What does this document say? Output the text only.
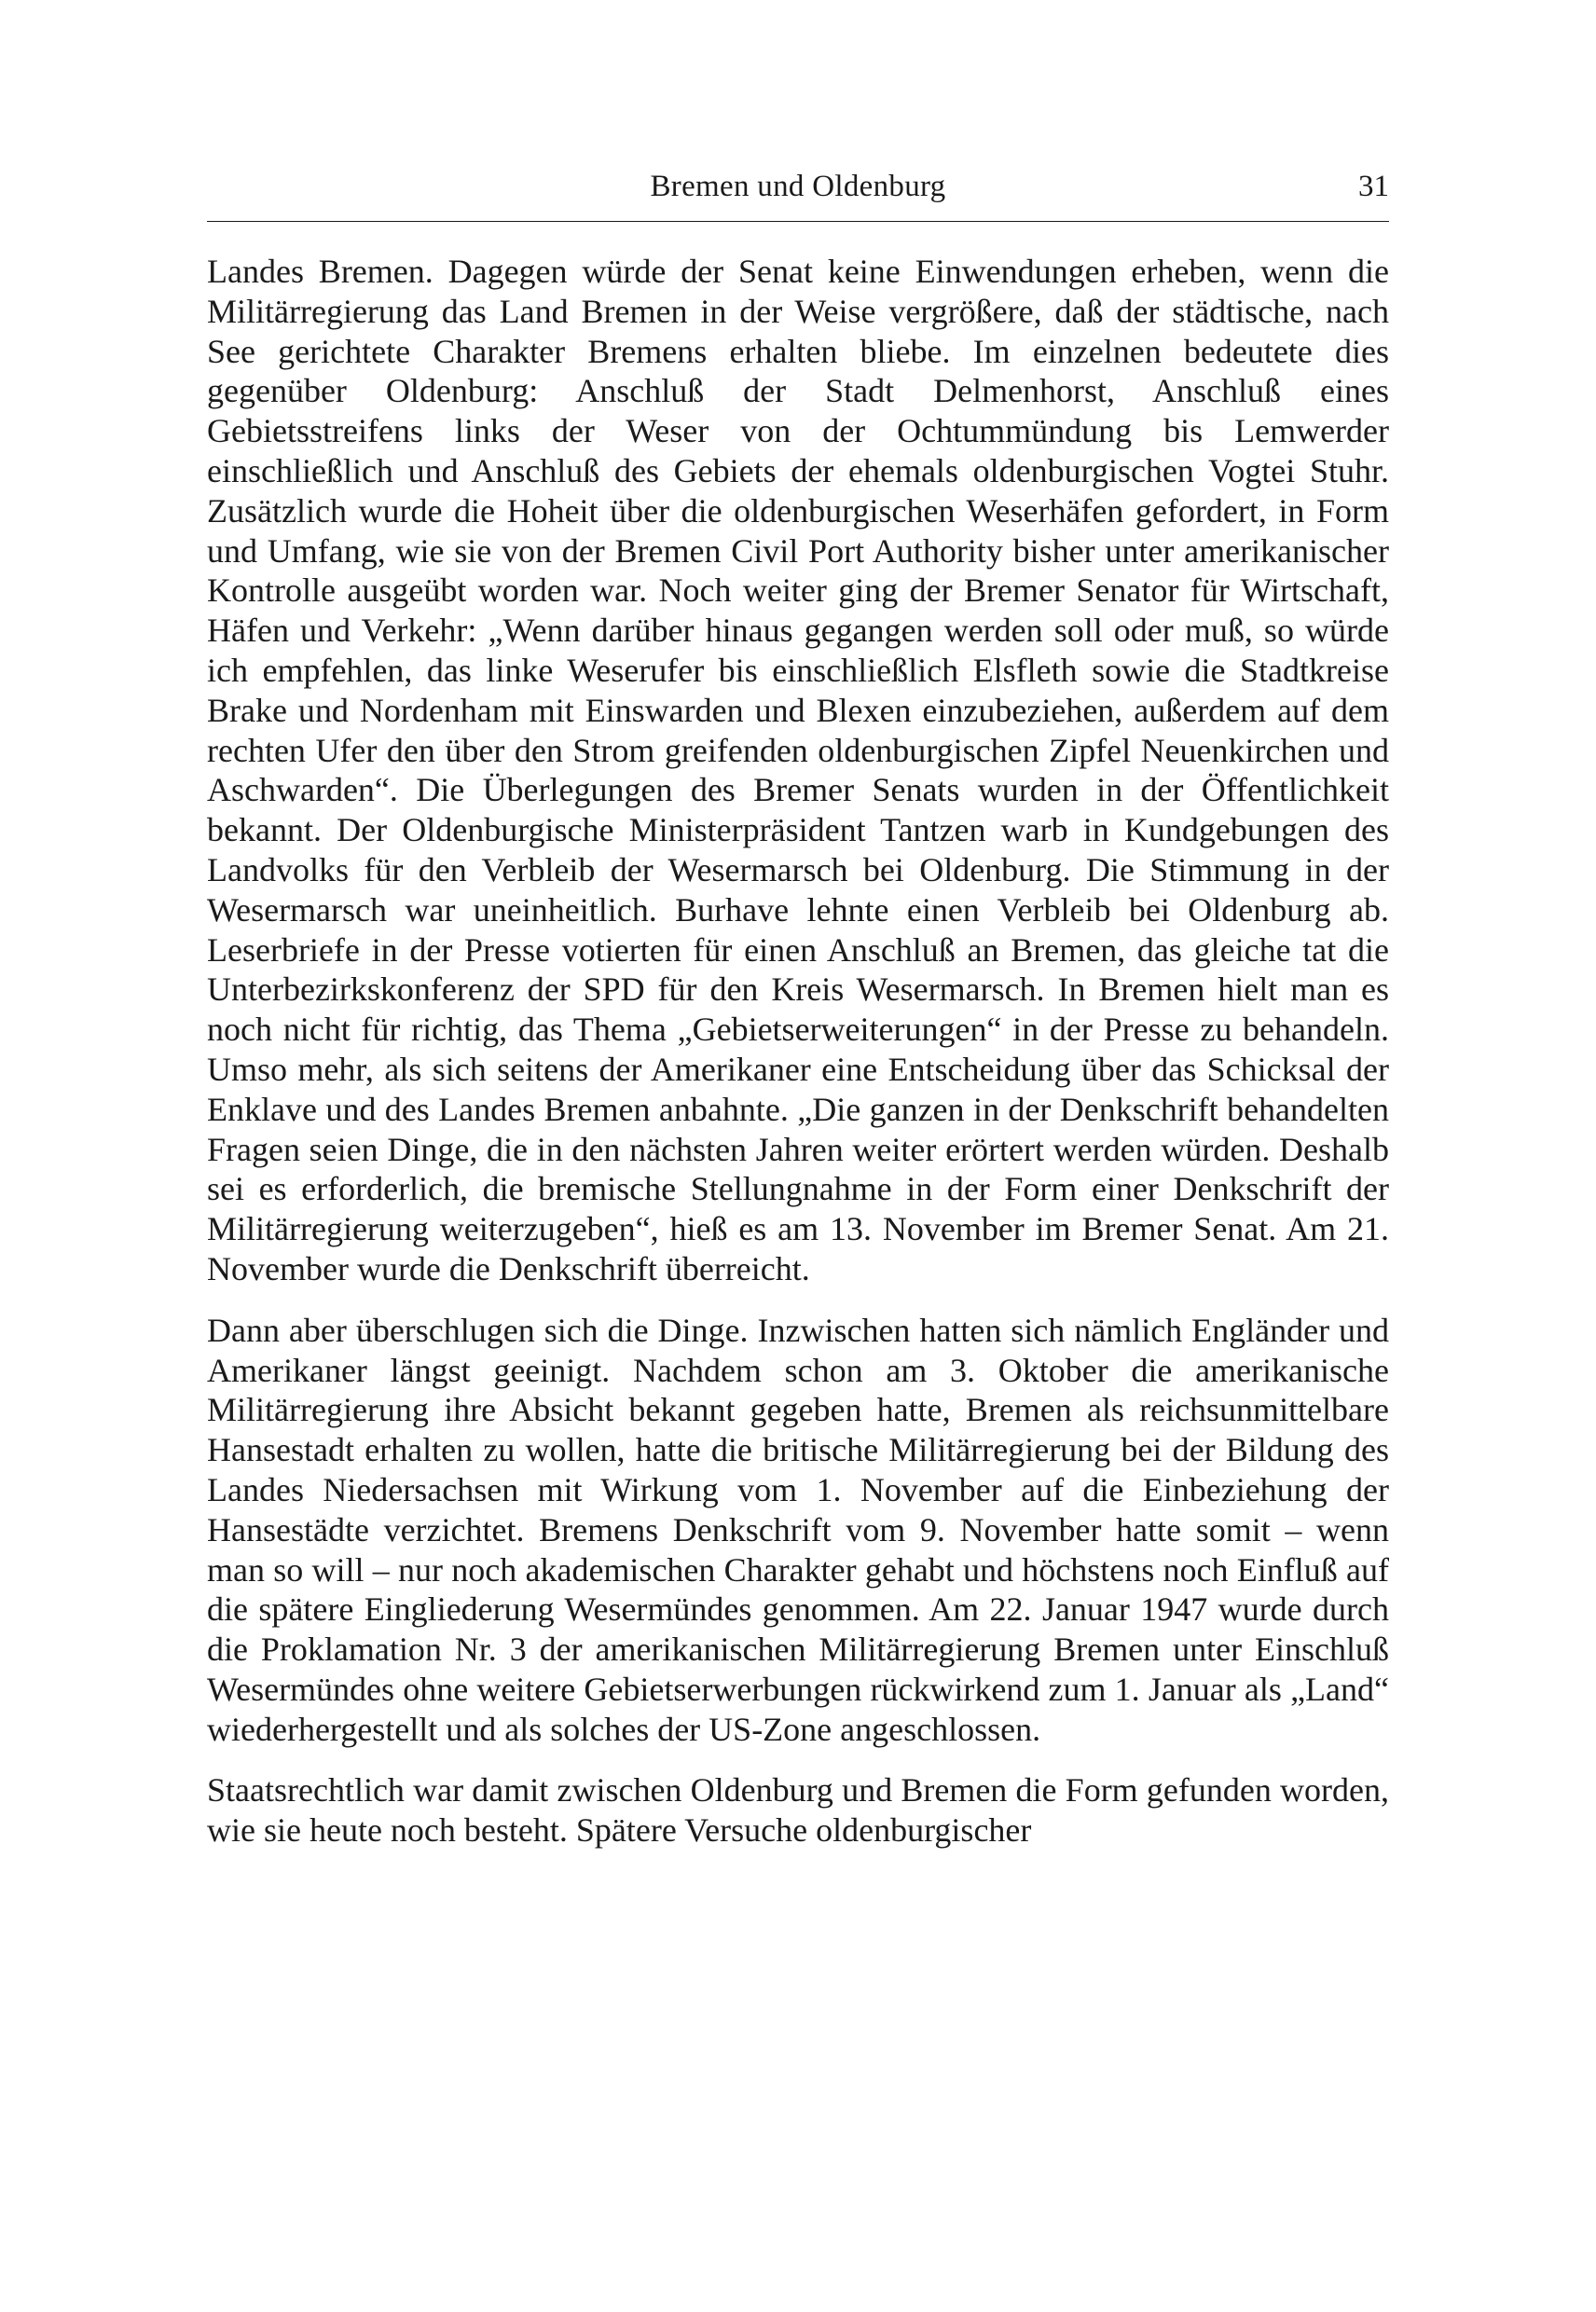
Bremen und Oldenburg	31

Landes Bremen. Dagegen würde der Senat keine Einwendungen erheben, wenn die Militärregierung das Land Bremen in der Weise vergrößere, daß der städtische, nach See gerichtete Charakter Bremens erhalten bliebe. Im einzelnen bedeutete dies gegenüber Oldenburg: Anschluß der Stadt Delmenhorst, Anschluß eines Gebietsstreifens links der Weser von der Ochtummündung bis Lemwerder einschließlich und Anschluß des Gebiets der ehemals oldenburgischen Vogtei Stuhr. Zusätzlich wurde die Hoheit über die oldenburgischen Weserhäfen gefordert, in Form und Umfang, wie sie von der Bremen Civil Port Authority bisher unter amerikanischer Kontrolle ausgeübt worden war. Noch weiter ging der Bremer Senator für Wirtschaft, Häfen und Verkehr: „Wenn darüber hinaus gegangen werden soll oder muß, so würde ich empfehlen, das linke Weserufer bis einschließlich Elsfleth sowie die Stadtkreise Brake und Nordenham mit Einswarden und Blexen einzubeziehen, außerdem auf dem rechten Ufer den über den Strom greifenden oldenburgischen Zipfel Neuenkirchen und Aschwarden“. Die Überlegungen des Bremer Senats wurden in der Öffentlichkeit bekannt. Der Oldenburgische Ministerpräsident Tantzen warb in Kundgebungen des Landvolks für den Verbleib der Wesermarsch bei Oldenburg. Die Stimmung in der Wesermarsch war uneinheitlich. Burhave lehnte einen Verbleib bei Oldenburg ab. Leserbriefe in der Presse votierten für einen Anschluß an Bremen, das gleiche tat die Unterbezirkskonferenz der SPD für den Kreis Wesermarsch. In Bremen hielt man es noch nicht für richtig, das Thema „Gebietserweiterungen“ in der Presse zu behandeln. Umso mehr, als sich seitens der Amerikaner eine Entscheidung über das Schicksal der Enklave und des Landes Bremen anbahnte. „Die ganzen in der Denkschrift behandelten Fragen seien Dinge, die in den nächsten Jahren weiter erörtert werden würden. Deshalb sei es erforderlich, die bremische Stellungnahme in der Form einer Denkschrift der Militärregierung weiterzugeben“, hieß es am 13. November im Bremer Senat. Am 21. November wurde die Denkschrift überreicht.

Dann aber überschlugen sich die Dinge. Inzwischen hatten sich nämlich Engländer und Amerikaner längst geeinigt. Nachdem schon am 3. Oktober die amerikanische Militärregierung ihre Absicht bekannt gegeben hatte, Bremen als reichsunmittelbare Hansestadt erhalten zu wollen, hatte die britische Militärregierung bei der Bildung des Landes Niedersachsen mit Wirkung vom 1. November auf die Einbeziehung der Hansestädte verzichtet. Bremens Denkschrift vom 9. November hatte somit – wenn man so will – nur noch akademischen Charakter gehabt und höchstens noch Einfluß auf die spätere Eingliederung Wesermündes genommen. Am 22. Januar 1947 wurde durch die Proklamation Nr. 3 der amerikanischen Militärregierung Bremen unter Einschluß Wesermündes ohne weitere Gebietserwerbungen rückwirkend zum 1. Januar als „Land“ wiederhergestellt und als solches der US-Zone angeschlossen.

Staatsrechtlich war damit zwischen Oldenburg und Bremen die Form gefunden worden, wie sie heute noch besteht. Spätere Versuche oldenburgischer
